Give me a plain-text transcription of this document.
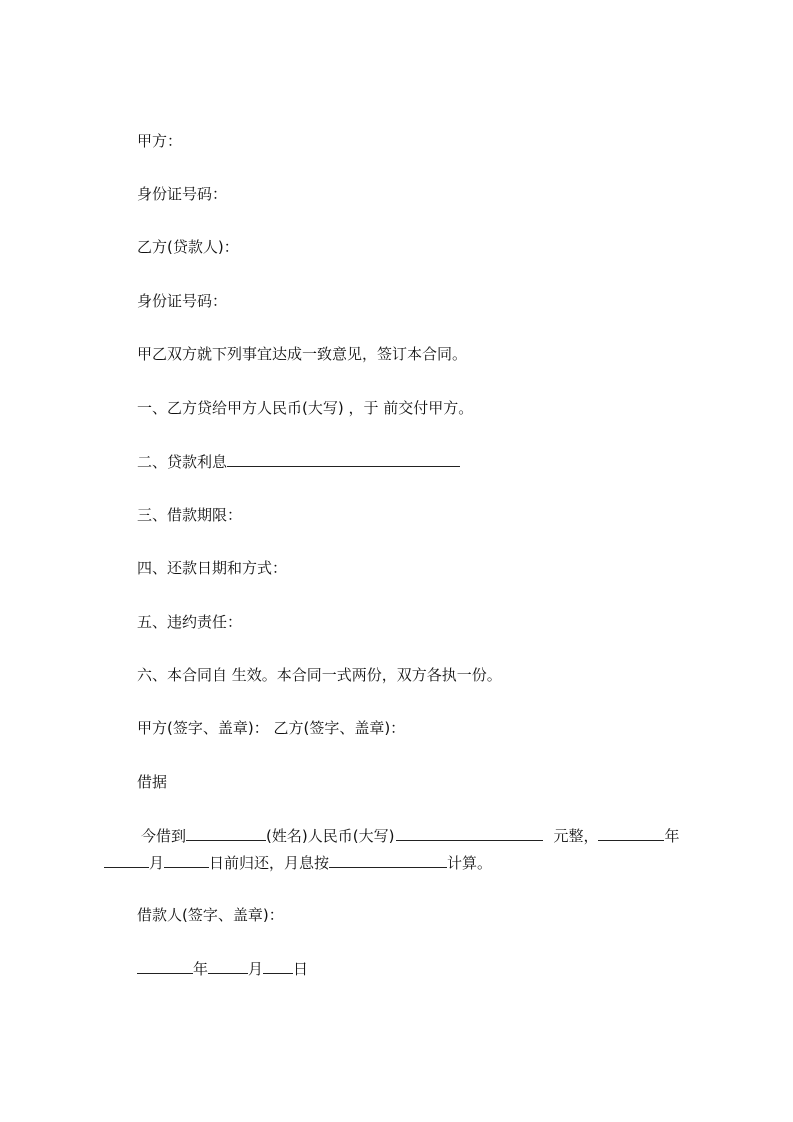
甲方：
身份证号码：
乙方(贷款人)：
身份证号码：
甲乙双方就下列事宜达成一致意见，签订本合同。
一、乙方贷给甲方人民币(大写) ，于 前交付甲方。
二、贷款利息
三、借款期限：
四、还款日期和方式：
五、违约责任：
六、本合同自 生效。本合同一式两份，双方各执一份。
甲方(签字、盖章)： 乙方(签字、盖章)：
借据
今借到	(姓名)人民币(大写)	元整，	年
月	日前归还，月息按	计算。
借款人(签字、盖章)：
年	月 日
